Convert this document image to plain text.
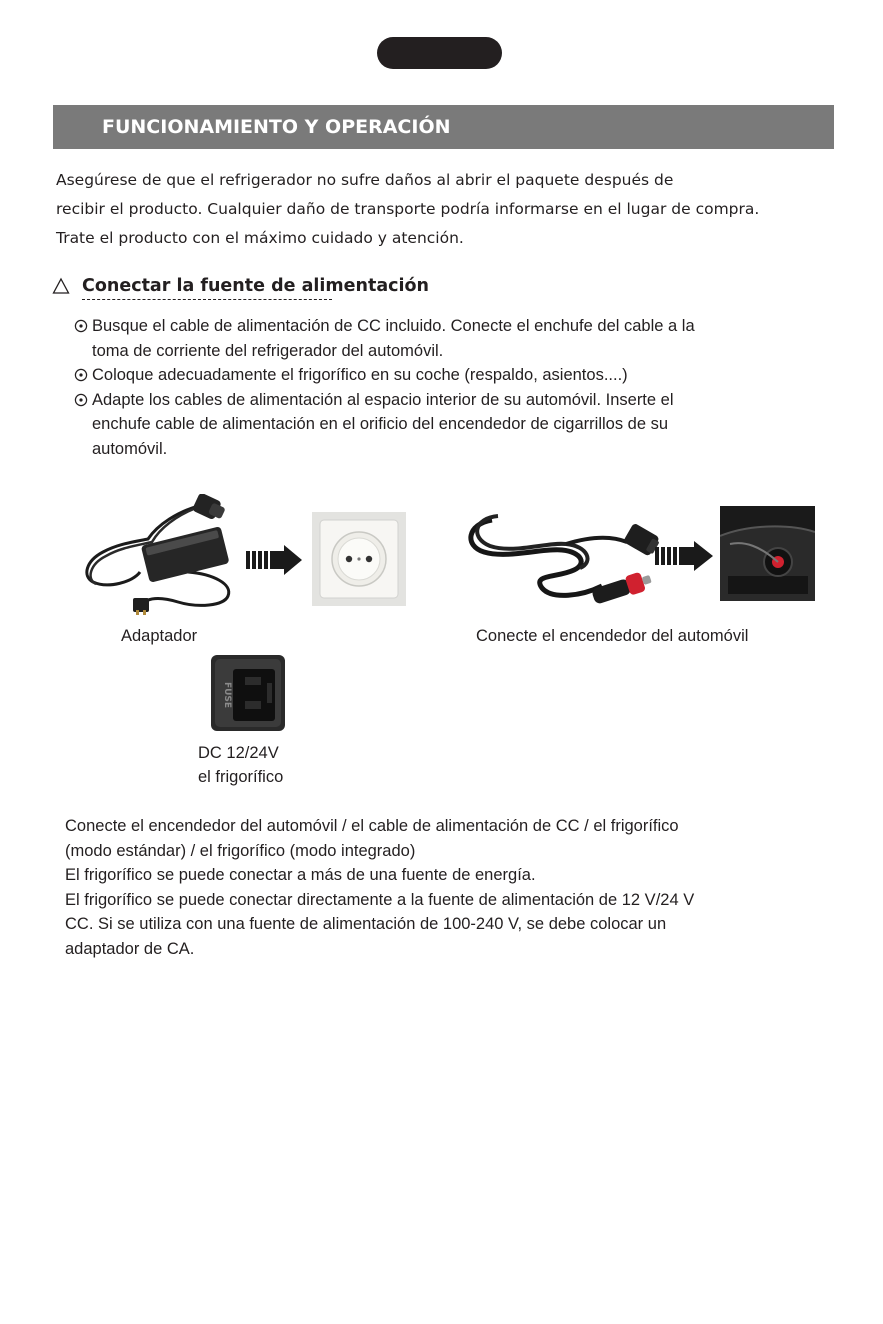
FUNCIONAMIENTO Y OPERACIÓN
Asegúrese de que el refrigerador no sufre daños al abrir el paquete después de
recibir el producto. Cualquier daño de transporte podría informarse en el lugar de compra.
Trate el producto con el máximo cuidado y atención.
Conectar la fuente de alimentación
Busque el cable de alimentación de CC incluido. Conecte el enchufe del cable a la
toma de corriente del refrigerador del automóvil.
Coloque adecuadamente el frigorífico en su coche (respaldo, asientos....)
Adapte los cables de alimentación al espacio interior de su automóvil. Inserte el
enchufe cable de alimentación en el orificio del encendedor de cigarrillos de su
automóvil.
Adaptador	Conecte el encendedor del automóvil
FUSE
DC 12/24V
el frigorífico
Conecte el encendedor del automóvil / el cable de alimentación de CC / el frigorífico
(modo estándar) / el frigorífico (modo integrado)
El frigorífico se puede conectar a más de una fuente de energía.
El frigorífico se puede conectar directamente a la fuente de alimentación de 12 V/24 V
CC. Si se utiliza con una fuente de alimentación de 100-240 V, se debe colocar un
adaptador de CA.
